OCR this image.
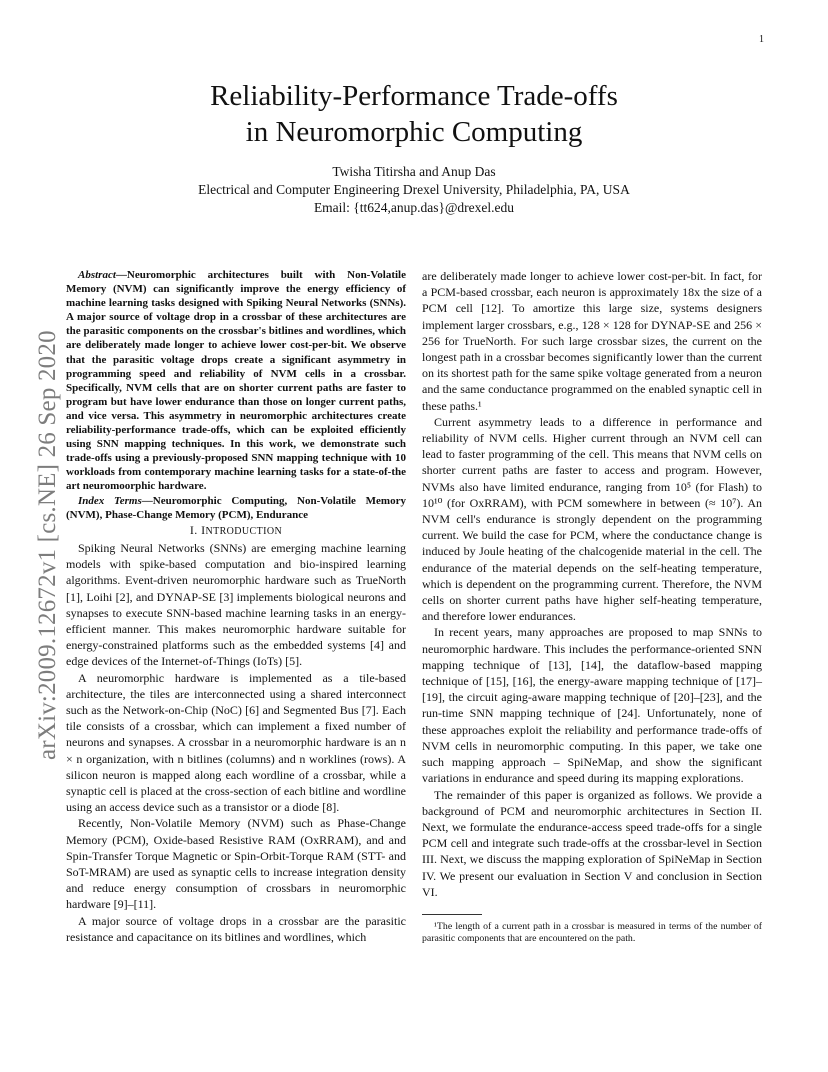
1
arXiv:2009.12672v1 [cs.NE] 26 Sep 2020
Reliability-Performance Trade-offs
in Neuromorphic Computing
Twisha Titirsha and Anup Das
Electrical and Computer Engineering Drexel University, Philadelphia, PA, USA
Email: {tt624,anup.das}@drexel.edu

Abstract—Neuromorphic architectures built with Non-Volatile Memory (NVM) can significantly improve the energy efficiency of machine learning tasks designed with Spiking Neural Networks (SNNs). A major source of voltage drop in a crossbar of these architectures are the parasitic components on the crossbar's bitlines and wordlines, which are deliberately made longer to achieve lower cost-per-bit. We observe that the parasitic voltage drops create a significant asymmetry in programming speed and reliability of NVM cells in a crossbar. Specifically, NVM cells that are on shorter current paths are faster to program but have lower endurance than those on longer current paths, and vice versa. This asymmetry in neuromorphic architectures create reliability-performance trade-offs, which can be exploited efficiently using SNN mapping techniques. In this work, we demonstrate such trade-offs using a previously-proposed SNN mapping technique with 10 workloads from contemporary machine learning tasks for a state-of-the art neuromoorphic hardware.

Index Terms—Neuromorphic Computing, Non-Volatile Memory (NVM), Phase-Change Memory (PCM), Endurance

I. INTRODUCTION

Spiking Neural Networks (SNNs) are emerging machine learning models with spike-based computation and bio-inspired learning algorithms. Event-driven neuromorphic hardware such as TrueNorth [1], Loihi [2], and DYNAP-SE [3] implements biological neurons and synapses to execute SNN-based machine learning tasks in an energy-efficient manner. This makes neuromorphic hardware suitable for energy-constrained platforms such as the embedded systems [4] and edge devices of the Internet-of-Things (IoTs) [5].

A neuromorphic hardware is implemented as a tile-based architecture, the tiles are interconnected using a shared interconnect such as the Network-on-Chip (NoC) [6] and Segmented Bus [7]. Each tile consists of a crossbar, which can implement a fixed number of neurons and synapses. A crossbar in a neuromorphic hardware is an n × n organization, with n bitlines (columns) and n worklines (rows). A silicon neuron is mapped along each wordline of a crossbar, while a synaptic cell is placed at the cross-section of each bitline and wordline using an access device such as a transistor or a diode [8].

Recently, Non-Volatile Memory (NVM) such as Phase-Change Memory (PCM), Oxide-based Resistive RAM (OxRRAM), and and Spin-Transfer Torque Magnetic or Spin-Orbit-Torque RAM (STT- and SoT-MRAM) are used as synaptic cells to increase integration density and reduce energy consumption of crossbars in neuromorphic hardware [9]–[11].

A major source of voltage drops in a crossbar are the parasitic resistance and capacitance on its bitlines and wordlines, which

are deliberately made longer to achieve lower cost-per-bit. In fact, for a PCM-based crossbar, each neuron is approximately 18x the size of a PCM cell [12]. To amortize this large size, systems designers implement larger crossbars, e.g., 128 × 128 for DYNAP-SE and 256 × 256 for TrueNorth. For such large crossbar sizes, the current on the longest path in a crossbar becomes significantly lower than the current on its shortest path for the same spike voltage generated from a neuron and the same conductance programmed on the enabled synaptic cell in these paths.¹

Current asymmetry leads to a difference in performance and reliability of NVM cells. Higher current through an NVM cell can lead to faster programming of the cell. This means that NVM cells on shorter current paths are faster to access and program. However, NVMs also have limited endurance, ranging from 10⁵ (for Flash) to 10¹⁰ (for OxRRAM), with PCM somewhere in between (≈ 10⁷). An NVM cell's endurance is strongly dependent on the programming current. We build the case for PCM, where the conductance change is induced by Joule heating of the chalcogenide material in the cell. The endurance of the material depends on the self-heating temperature, which is dependent on the programming current. Therefore, the NVM cells on shorter current paths have higher self-heating temperature, and therefore lower endurances.

In recent years, many approaches are proposed to map SNNs to neuromorphic hardware. This includes the performance-oriented SNN mapping technique of [13], [14], the dataflow-based mapping technique of [15], [16], the energy-aware mapping technique of [17]–[19], the circuit aging-aware mapping technique of [20]–[23], and the run-time SNN mapping technique of [24]. Unfortunately, none of these approaches exploit the reliability and performance trade-offs of NVM cells in neuromorphic computing. In this paper, we take one such mapping approach – SpiNeMap, and show the significant variations in endurance and speed during its mapping explorations.

The remainder of this paper is organized as follows. We provide a background of PCM and neuromorphic architectures in Section II. Next, we formulate the endurance-access speed trade-offs for a single PCM cell and integrate such trade-offs at the crossbar-level in Section III. Next, we discuss the mapping exploration of SpiNeMap in Section IV. We present our evaluation in Section V and conclusion in Section VI.

¹The length of a current path in a crossbar is measured in terms of the number of parasitic components that are encountered on the path.
